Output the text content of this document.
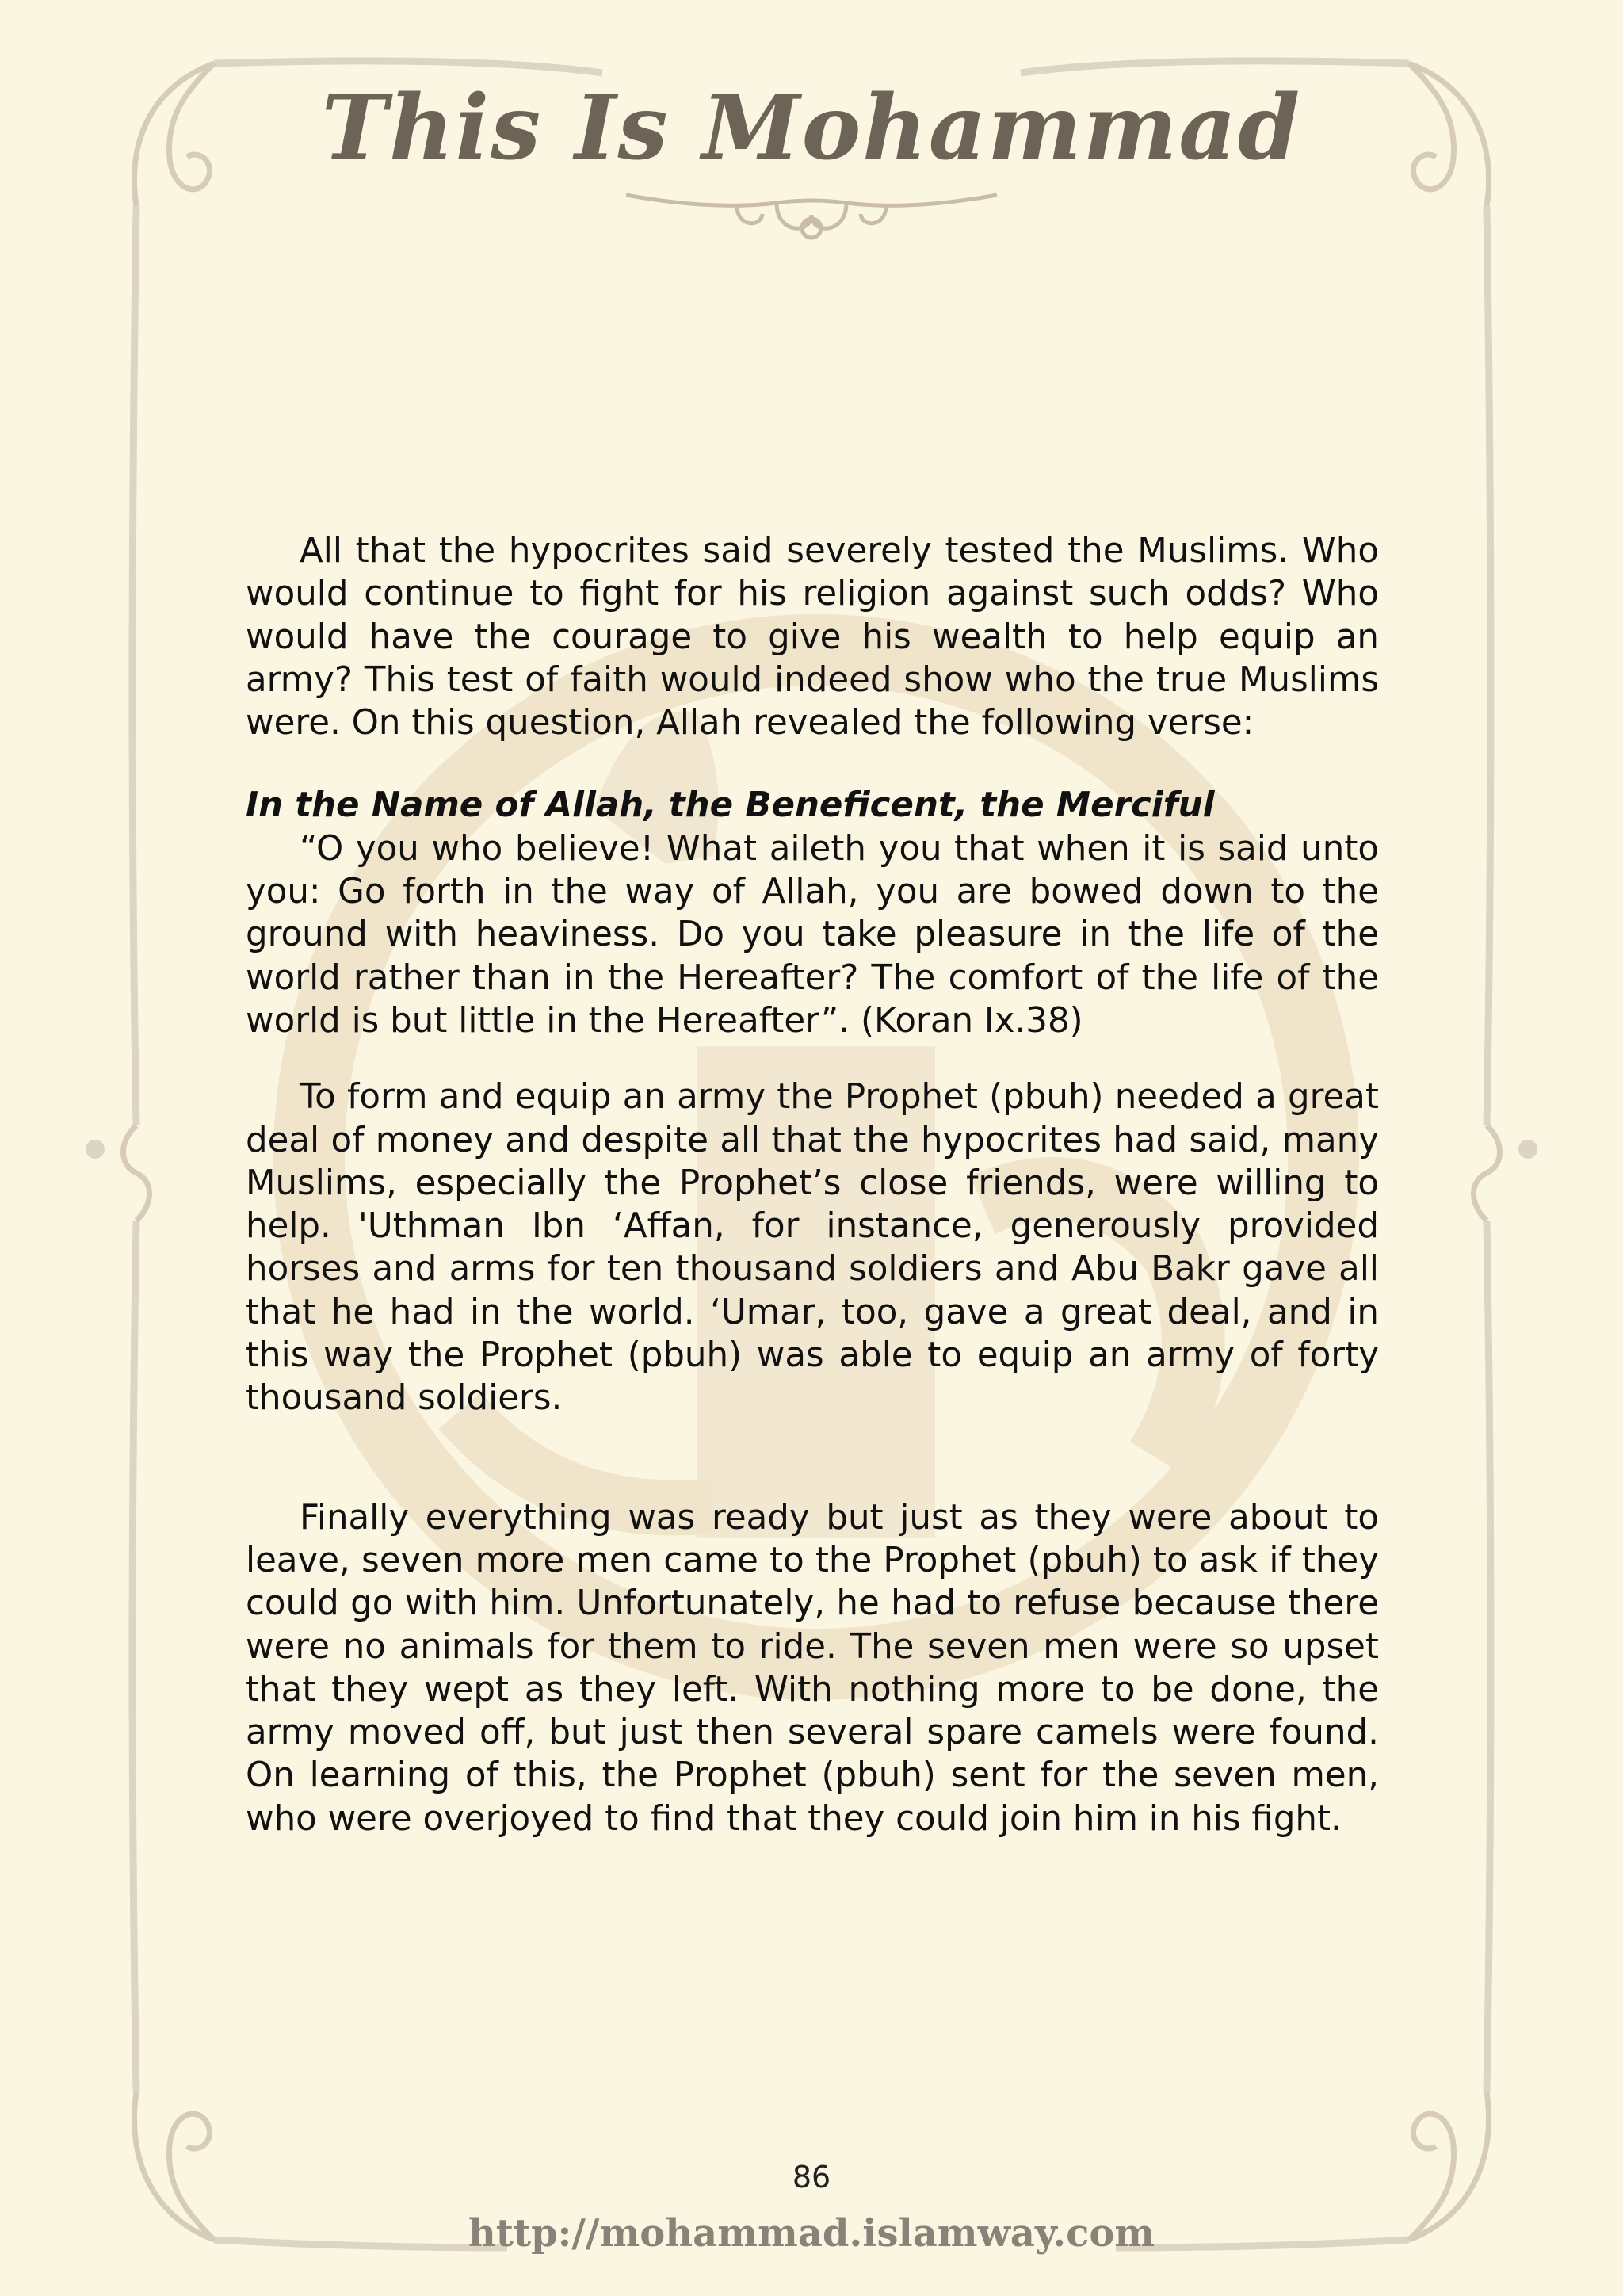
This Is Mohammad

All that the hypocrites said severely tested the Muslims. Who would continue to fight for his religion against such odds? Who would have the courage to give his wealth to help equip an army? This test of faith would indeed show who the true Muslims were. On this question, Allah revealed the following verse:

In the Name of Allah, the Beneficent, the Merciful

“O you who believe! What aileth you that when it is said unto you: Go forth in the way of Allah, you are bowed down to the ground with heaviness. Do you take pleasure in the life of the world rather than in the Hereafter? The comfort of the life of the world is but little in the Hereafter”. (Koran Ix.38)

To form and equip an army the Prophet (pbuh) needed a great deal of money and despite all that the hypocrites had said, many Muslims, especially the Prophet’s close friends, were willing to help. 'Uthman Ibn ‘Affan, for instance, generously provided horses and arms for ten thousand soldiers and Abu Bakr gave all that he had in the world. ‘Umar, too, gave a great deal, and in this way the Prophet (pbuh) was able to equip an army of forty thousand soldiers.

Finally everything was ready but just as they were about to leave, seven more men came to the Prophet (pbuh) to ask if they could go with him. Unfortunately, he had to refuse because there were no animals for them to ride. The seven men were so upset that they wept as they left. With nothing more to be done, the army moved off, but just then several spare camels were found. On learning of this, the Prophet (pbuh) sent for the seven men, who were overjoyed to find that they could join him in his fight.

86
http://mohammad.islamway.com
